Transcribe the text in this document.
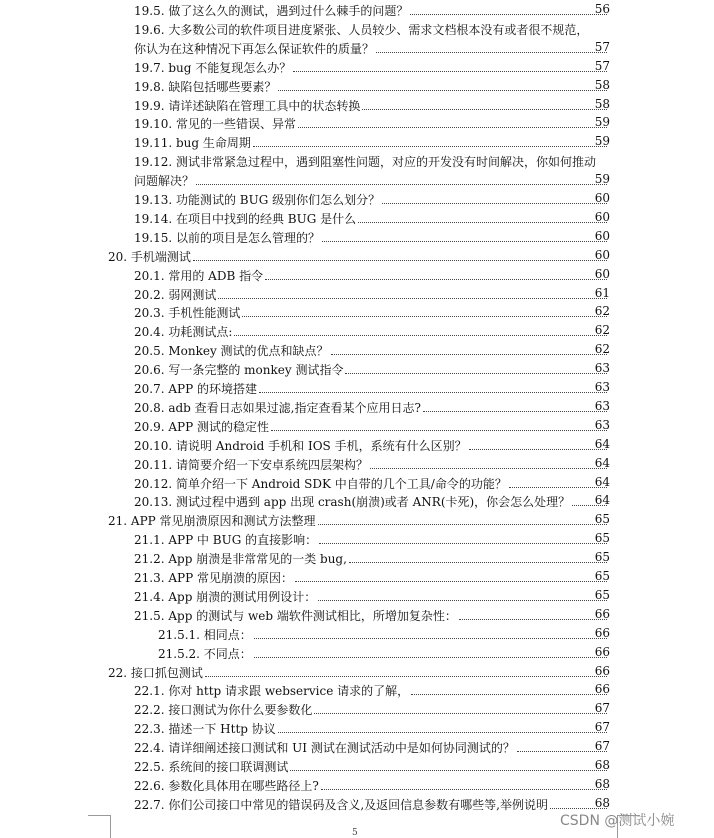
19.5. 做了这么久的测试，遇到过什么棘手的问题？	56
19.6. 大多数公司的软件项目进度紧张、人员较少、需求文档根本没有或者很不规范，
你认为在这种情况下再怎么保证软件的质量？	57
19.7. bug 不能复现怎么办？	57
19.8. 缺陷包括哪些要素？	58
19.9. 请详述缺陷在管理工具中的状态转换	58
19.10. 常见的一些错误、异常	59
19.11. bug 生命周期	59
19.12. 测试非常紧急过程中，遇到阻塞性问题，对应的开发没有时间解决，你如何推动
问题解决？	59
19.13. 功能测试的 BUG 级别你们怎么划分？	60
19.14. 在项目中找到的经典 BUG 是什么	60
19.15. 以前的项目是怎么管理的？	60
20. 手机端测试	60
20.1. 常用的 ADB 指令	60
20.2. 弱网测试	61
20.3. 手机性能测试	62
20.4. 功耗测试点:	62
20.5. Monkey 测试的优点和缺点？	62
20.6. 写一条完整的 monkey 测试指令	63
20.7. APP 的环境搭建	63
20.8. adb 查看日志如果过滤,指定查看某个应用日志?	63
20.9. APP 测试的稳定性	63
20.10. 请说明 Android 手机和 IOS 手机，系统有什么区别？	64
20.11. 请简要介绍一下安卓系统四层架构？	64
20.12. 简单介绍一下 Android SDK 中自带的几个工具/命令的功能？	64
20.13. 测试过程中遇到 app 出现 crash(崩溃)或者 ANR(卡死)，你会怎么处理？ 64
21. APP 常见崩溃原因和测试方法整理	65
21.1. APP 中 BUG 的直接影响：	65
21.2. App 崩溃是非常常见的一类 bug,	65
21.3. APP 常见崩溃的原因：	65
21.4. App 崩溃的测试用例设计：	65
21.5. App 的测试与 web 端软件测试相比，所增加复杂性：	66
21.5.1. 相同点：	66
21.5.2. 不同点：	66
22. 接口抓包测试	66
22.1. 你对 http 请求跟 webservice 请求的了解，	66
22.2. 接口测试为你什么要参数化	67
22.3. 描述一下 Http 协议	67
22.4. 请详细阐述接口测试和 UI 测试在测试活动中是如何协同测试的？	67
22.5. 系统间的接口联调测试	68
22.6. 参数化具体用在哪些路径上?	68
22.7. 你们公司接口中常见的错误码及含义,及返回信息参数有哪些等,举例说明	68
5
CSDN @测试小婉
